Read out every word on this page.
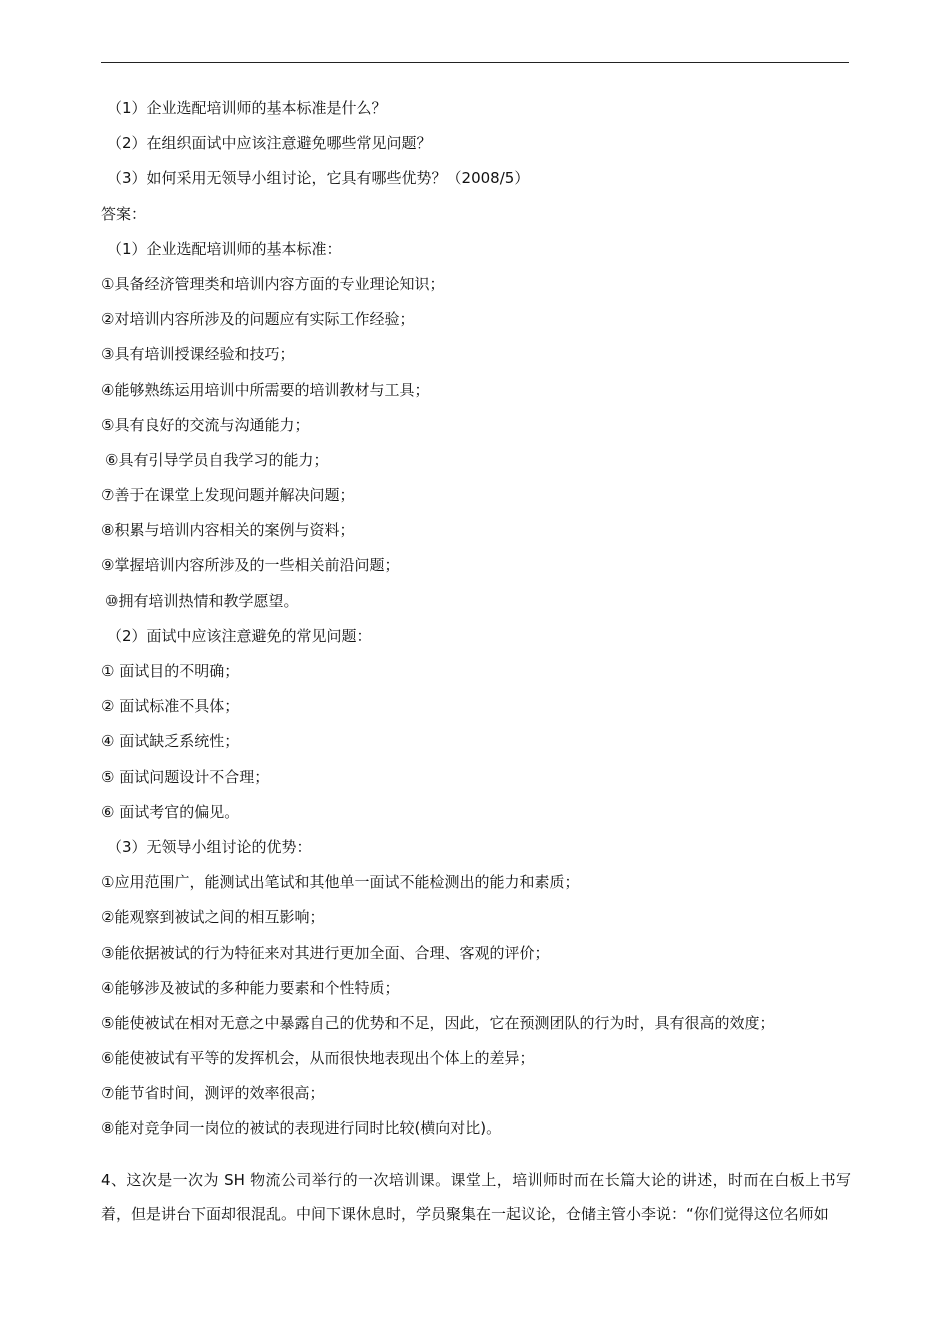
（1）企业选配培训师的基本标准是什么？
（2）在组织面试中应该注意避免哪些常见问题？
（3）如何采用无领导小组讨论，它具有哪些优势？（2008/5）
答案：
（1）企业选配培训师的基本标准：
①具备经济管理类和培训内容方面的专业理论知识；
②对培训内容所涉及的问题应有实际工作经验；
③具有培训授课经验和技巧；
④能够熟练运用培训中所需要的培训教材与工具；
⑤具有良好的交流与沟通能力；
⑥具有引导学员自我学习的能力；
⑦善于在课堂上发现问题并解决问题；
⑧积累与培训内容相关的案例与资料；
⑨掌握培训内容所涉及的一些相关前沿问题；
⑩拥有培训热情和教学愿望。
（2）面试中应该注意避免的常见问题：
① 面试目的不明确；
② 面试标准不具体；
④ 面试缺乏系统性；
⑤ 面试问题设计不合理；
⑥ 面试考官的偏见。
（3）无领导小组讨论的优势：
①应用范围广，能测试出笔试和其他单一面试不能检测出的能力和素质；
②能观察到被试之间的相互影响；
③能依据被试的行为特征来对其进行更加全面、合理、客观的评价；
④能够涉及被试的多种能力要素和个性特质；
⑤能使被试在相对无意之中暴露自己的优势和不足，因此，它在预测团队的行为时，具有很高的效度；
⑥能使被试有平等的发挥机会，从而很快地表现出个体上的差异；
⑦能节省时间，测评的效率很高；
⑧能对竞争同一岗位的被试的表现进行同时比较(横向对比)。
4、这次是一次为 SH 物流公司举行的一次培训课。课堂上，培训师时而在长篇大论的讲述，时而在白板上书写着，但是讲台下面却很混乱。中间下课休息时，学员聚集在一起议论，仓储主管小李说：“你们觉得这位名师如
